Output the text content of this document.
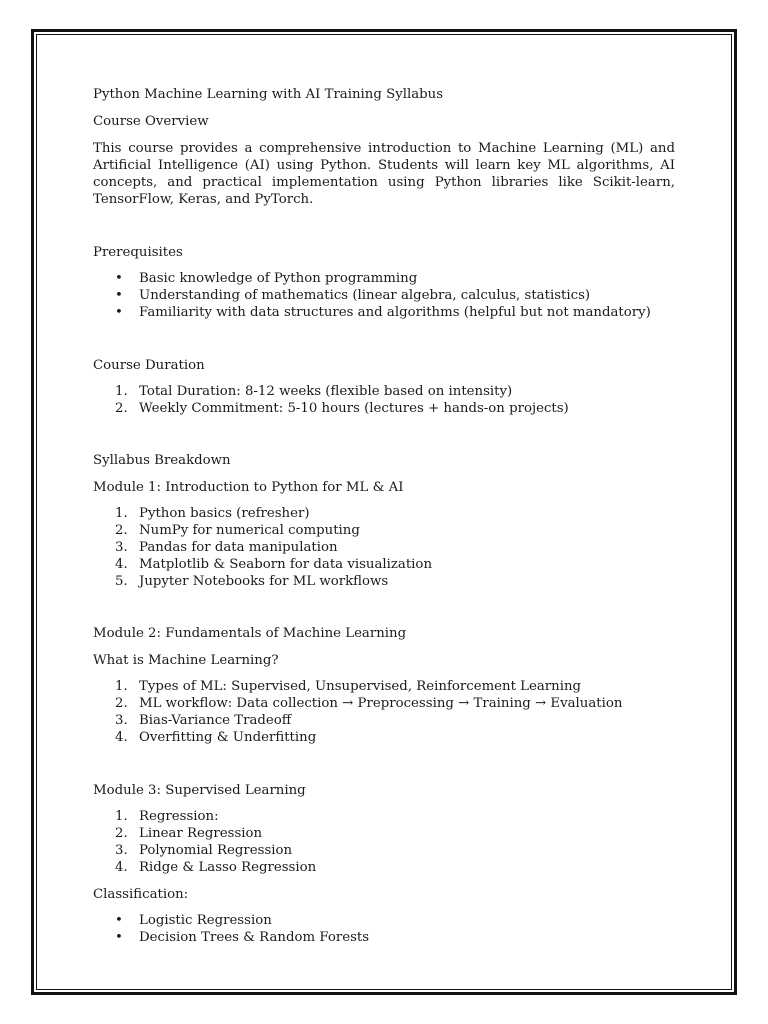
Python Machine Learning with AI Training Syllabus

Course Overview

This course provides a comprehensive introduction to Machine Learning (ML) and Artificial Intelligence (AI) using Python. Students will learn key ML algorithms, AI concepts, and practical implementation using Python libraries like Scikit-learn, TensorFlow, Keras, and PyTorch.

Prerequisites

• Basic knowledge of Python programming
• Understanding of mathematics (linear algebra, calculus, statistics)
• Familiarity with data structures and algorithms (helpful but not mandatory)

Course Duration

1. Total Duration: 8-12 weeks (flexible based on intensity)
2. Weekly Commitment: 5-10 hours (lectures + hands-on projects)

Syllabus Breakdown

Module 1: Introduction to Python for ML & AI

1. Python basics (refresher)
2. NumPy for numerical computing
3. Pandas for data manipulation
4. Matplotlib & Seaborn for data visualization
5. Jupyter Notebooks for ML workflows

Module 2: Fundamentals of Machine Learning

What is Machine Learning?

1. Types of ML: Supervised, Unsupervised, Reinforcement Learning
2. ML workflow: Data collection → Preprocessing → Training → Evaluation
3. Bias-Variance Tradeoff
4. Overfitting & Underfitting

Module 3: Supervised Learning

1. Regression:
2. Linear Regression
3. Polynomial Regression
4. Ridge & Lasso Regression

Classification:

• Logistic Regression
• Decision Trees & Random Forests
